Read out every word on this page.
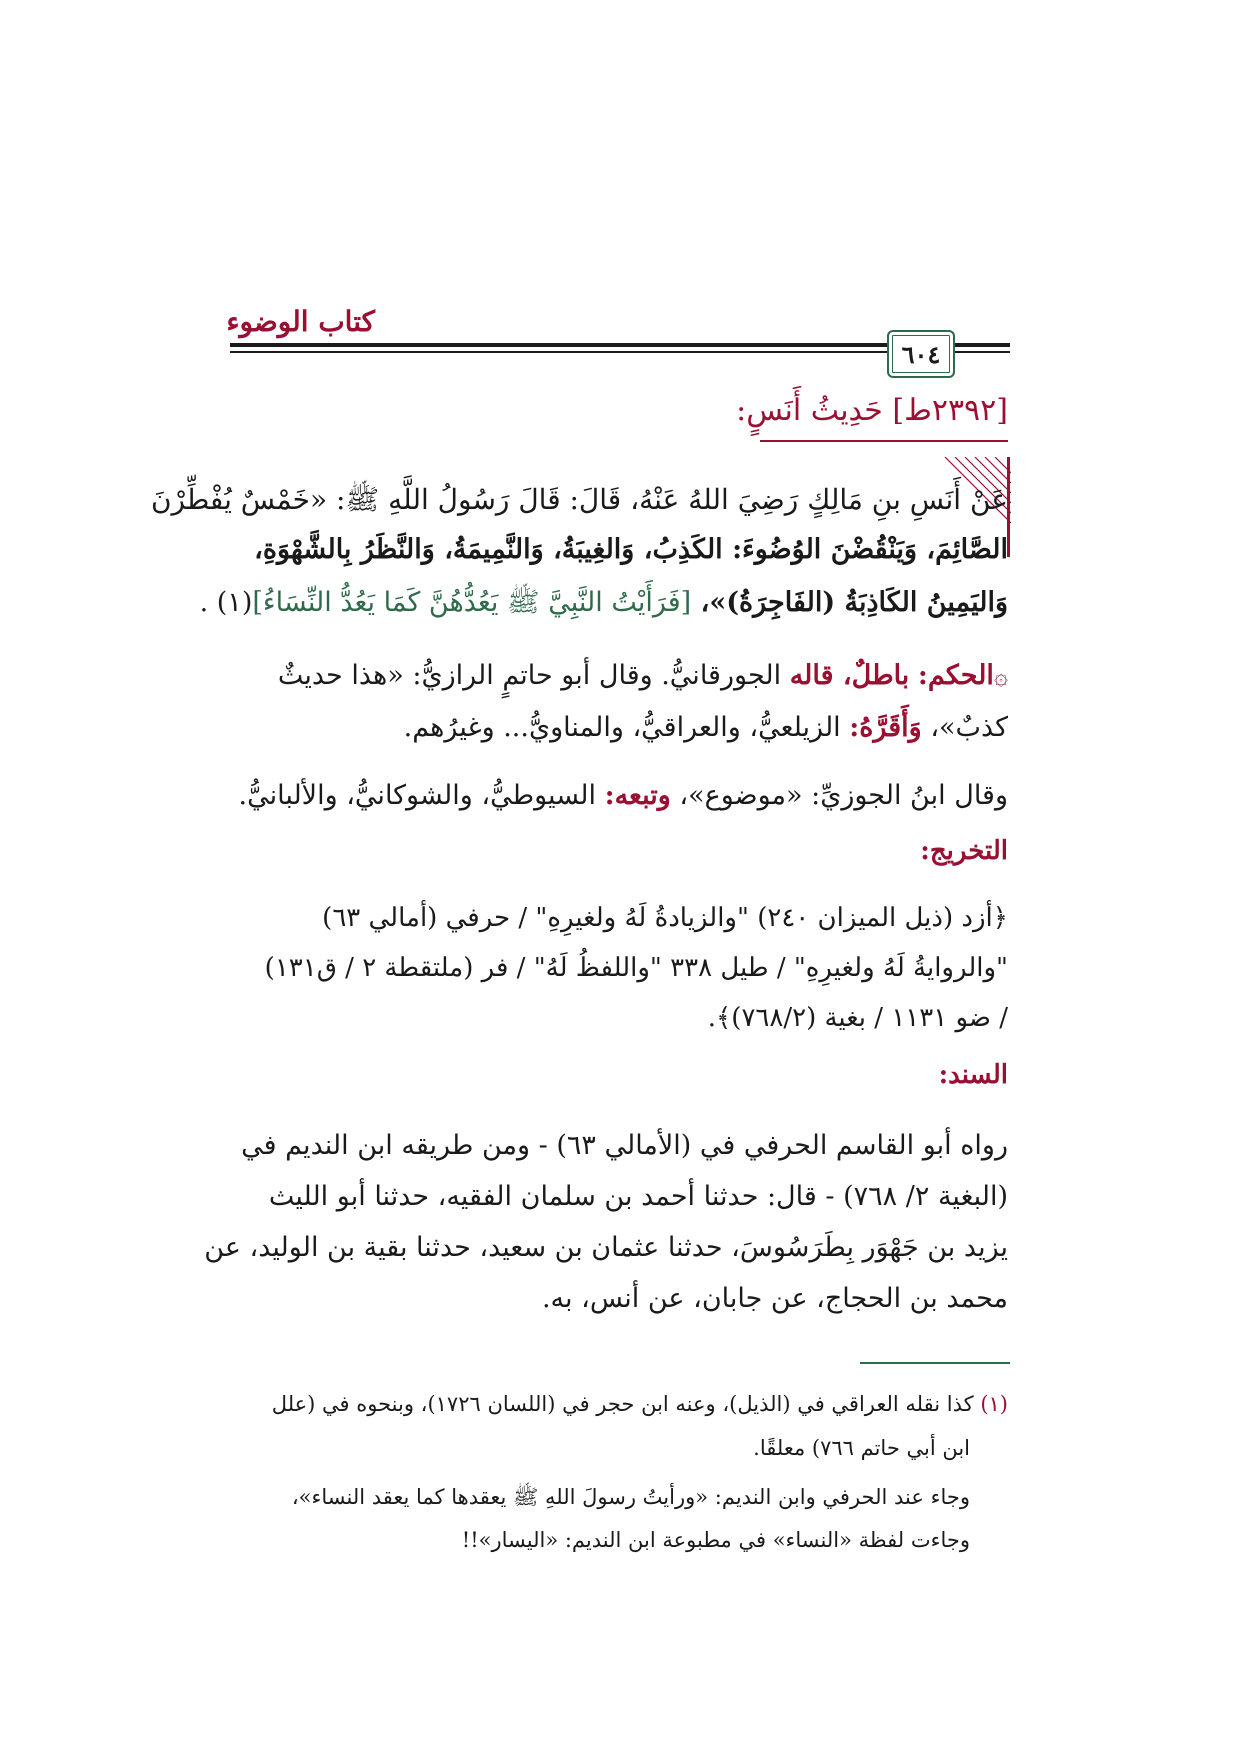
كتاب الوضوء
٦٠٤
[٢٣٩٢ط] حَدِيثُ أَنَسٍ:
عَنْ أَنَسِ بنِ مَالِكٍ رَضِيَ اللهُ عَنْهُ، قَالَ: قَالَ رَسُولُ اللَّهِ ﷺ: «خَمْسٌ يُفْطِّرْنَ
الصَّائِمَ، وَيَنْقُضْنَ الوُضُوءَ: الكَذِبُ، وَالغِيبَةُ، وَالنَّمِيمَةُ، وَالنَّظَرُ بِالشَّهْوَةِ،
وَاليَمِينُ الكَاذِبَةُ (الفَاجِرَةُ)»، [فَرَأَيْتُ النَّبِيَّ ﷺ يَعُدُّهُنَّ كَمَا يَعُدُّ النِّسَاءُ](١) .
۞الحكم: باطلٌ، قاله الجورقانيُّ. وقال أبو حاتمٍ الرازيُّ: «هذا حديثٌ
كذبٌ»، وَأَقَرَّهُ: الزيلعيُّ، والعراقيُّ، والمناويُّ... وغيرُهم.
وقال ابنُ الجوزيِّ: «موضوع»، وتبعه: السيوطيُّ، والشوكانيُّ، والألبانيُّ.
التخريج:
﴿أزد (ذيل الميزان ٢٤٠) "والزيادةُ لَهُ ولغيرِهِ" / حرفي (أمالي ٦٣)
"والروايةُ لَهُ ولغيرِهِ" / طيل ٣٣٨ "واللفظُ لَهُ" / فر (ملتقطة ٢ / ق١٣١)
/ ضو ١١٣١ / بغية (٧٦٨/٢)﴾.
السند:
رواه أبو القاسم الحرفي في (الأمالي ٦٣) - ومن طريقه ابن النديم في
(البغية ٢/ ٧٦٨) - قال: حدثنا أحمد بن سلمان الفقيه، حدثنا أبو الليث
يزيد بن جَهْوَر بِطَرَسُوسَ، حدثنا عثمان بن سعيد، حدثنا بقية بن الوليد، عن
محمد بن الحجاج، عن جابان، عن أنس، به.
(١) كذا نقله العراقي في (الذيل)، وعنه ابن حجر في (اللسان ١٧٢٦)، وبنحوه في (علل
ابن أبي حاتم ٧٦٦) معلقًا.
وجاء عند الحرفي وابن النديم: «ورأيتُ رسولَ اللهِ ﷺ يعقدها كما يعقد النساء»،
وجاءت لفظة «النساء» في مطبوعة ابن النديم: «اليسار»!!
